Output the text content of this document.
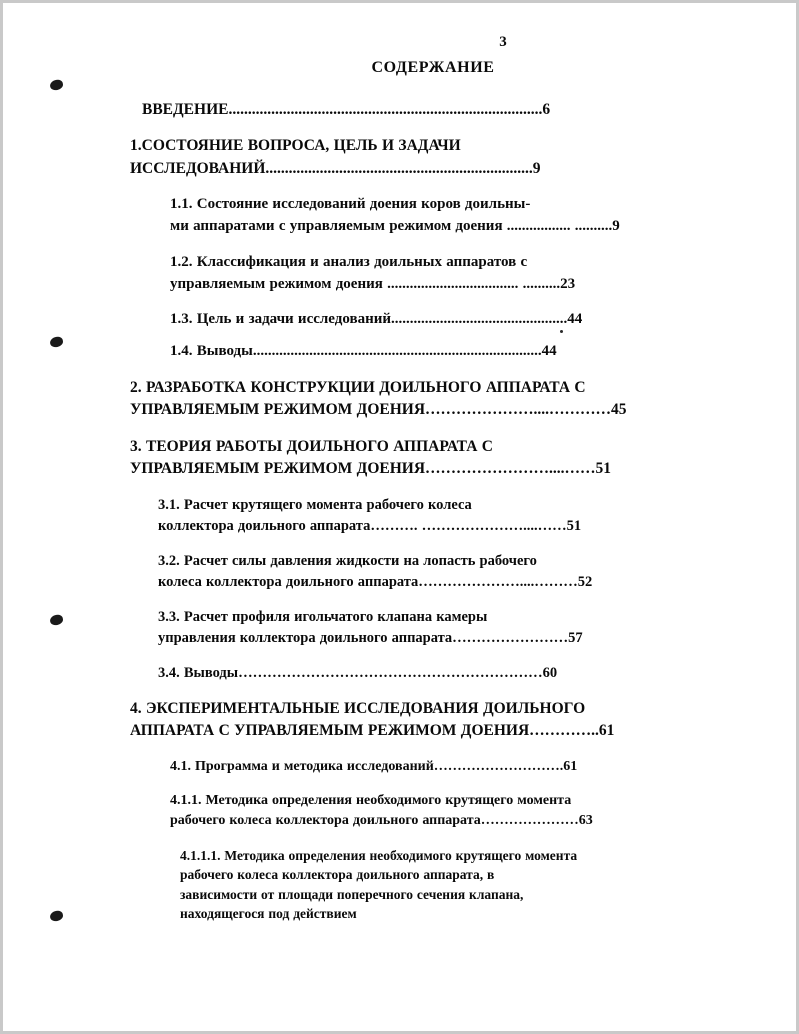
3
СОДЕРЖАНИЕ
ВВЕДЕНИЕ.................................................................................6
1.СОСТОЯНИЕ ВОПРОСА, ЦЕЛЬ И ЗАДАЧИ
ИССЛЕДОВАНИЙ.....................................................................9
1.1. Состояние исследований доения коров доильны-
ми аппаратами с управляемым режимом доения ................. ..........9
1.2. Классификация и анализ доильных аппаратов с
управляемым режимом доения ................................... ..........23
1.3. Цель и задачи исследований...............................................44
1.4. Выводы.............................................................................44
2. РАЗРАБОТКА КОНСТРУКЦИИ ДОИЛЬНОГО АППАРАТА С
УПРАВЛЯЕМЫМ РЕЖИМОМ ДОЕНИЯ…………………....…………45
3. ТЕОРИЯ РАБОТЫ ДОИЛЬНОГО АППАРАТА С
УПРАВЛЯЕМЫМ РЕЖИМОМ ДОЕНИЯ……………………....……51
3.1. Расчет крутящего момента рабочего колеса
коллектора доильного аппарата………. …………………....……51
3.2. Расчет силы давления жидкости на лопасть рабочего
колеса коллектора доильного аппарата…………………....………52
3.3. Расчет профиля игольчатого клапана камеры
управления коллектора доильного аппарата……………………57
3.4. Выводы………………………………………………………60
4. ЭКСПЕРИМЕНТАЛЬНЫЕ ИССЛЕДОВАНИЯ ДОИЛЬНОГО
АППАРАТА С УПРАВЛЯЕМЫМ РЕЖИМОМ ДОЕНИЯ…………..61
4.1. Программа и методика исследований……………………….61
4.1.1. Методика определения необходимого крутящего момента
рабочего колеса коллектора доильного аппарата…………………63
4.1.1.1. Методика определения необходимого крутящего момента
рабочего колеса коллектора доильного аппарата, в
зависимости от площади поперечного сечения клапана,
находящегося под действием
